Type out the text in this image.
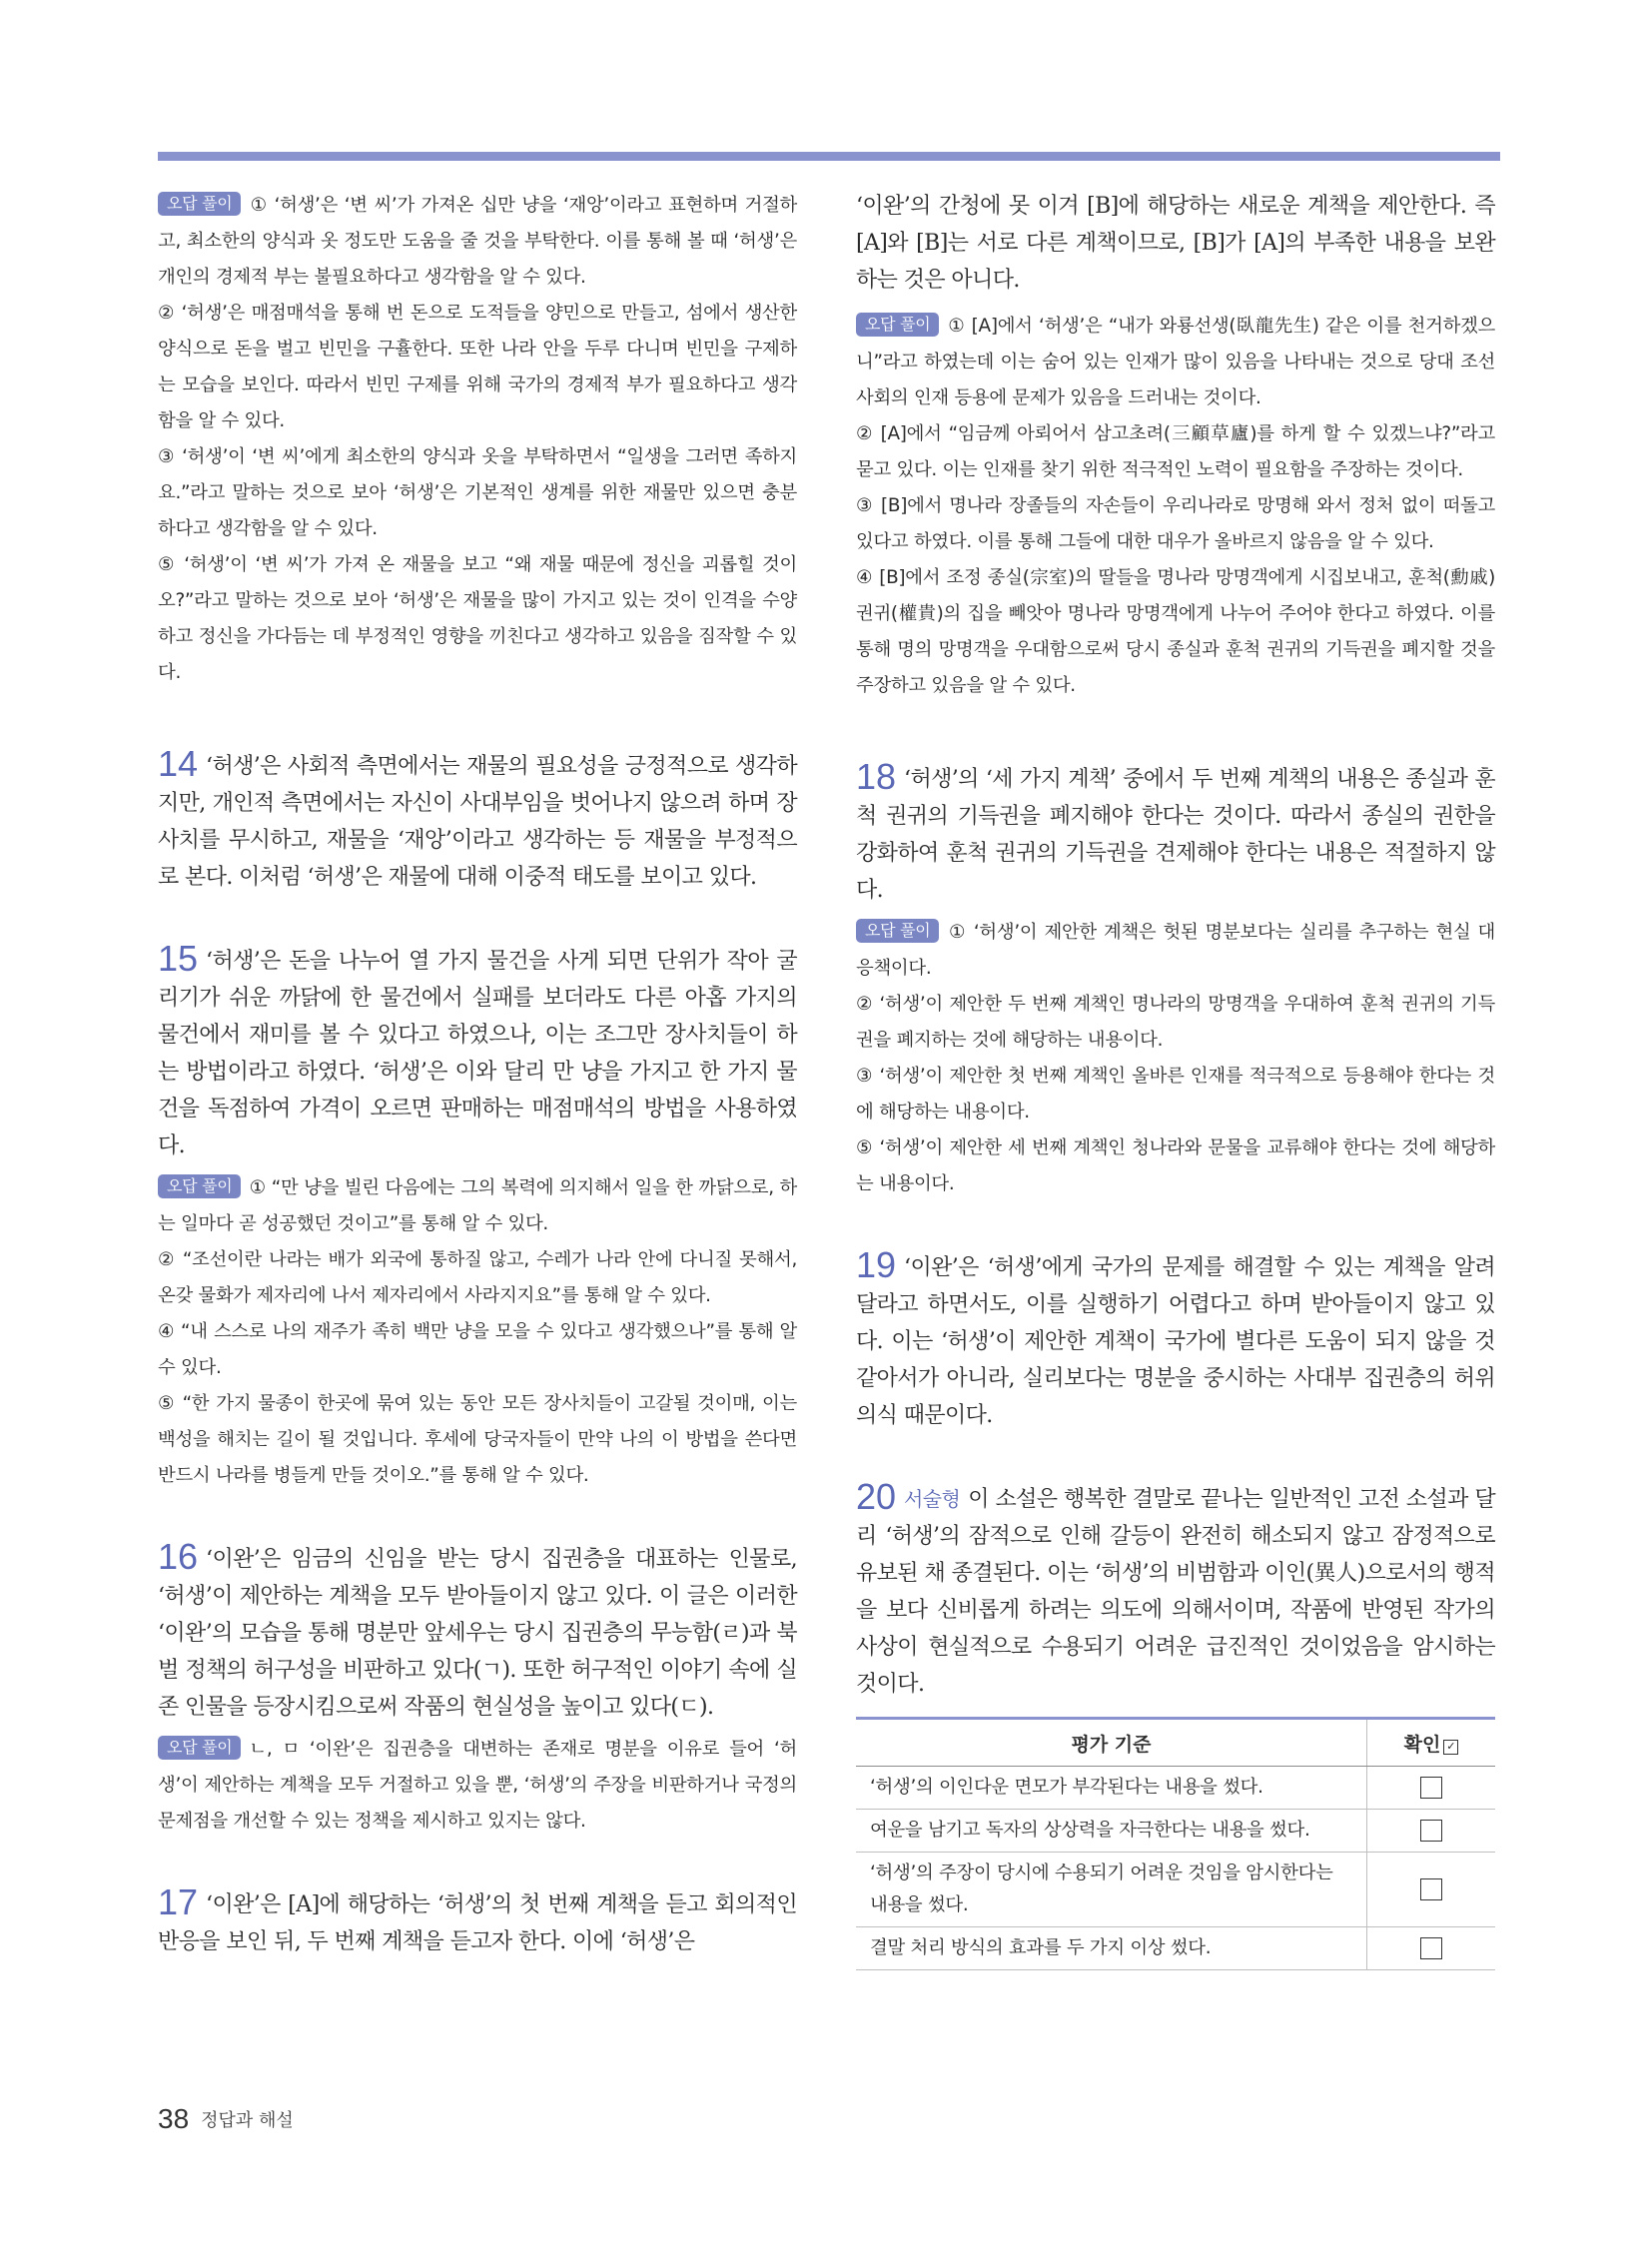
오답 풀이 ① ‘허생’은 ‘변 씨’가 가져온 십만 냥을 ‘재앙’이라고 표현하며 거절하고, 최소한의 양식과 옷 정도만 도움을 줄 것을 부탁한다. 이를 통해 볼 때 ‘허생’은 개인의 경제적 부는 불필요하다고 생각함을 알 수 있다.

② ‘허생’은 매점매석을 통해 번 돈으로 도적들을 양민으로 만들고, 섬에서 생산한 양식으로 돈을 벌고 빈민을 구휼한다. 또한 나라 안을 두루 다니며 빈민을 구제하는 모습을 보인다. 따라서 빈민 구제를 위해 국가의 경제적 부가 필요하다고 생각함을 알 수 있다.

③ ‘허생’이 ‘변 씨’에게 최소한의 양식과 옷을 부탁하면서 “일생을 그러면 족하지요.”라고 말하는 것으로 보아 ‘허생’은 기본적인 생계를 위한 재물만 있으면 충분하다고 생각함을 알 수 있다.

⑤ ‘허생’이 ‘변 씨’가 가져 온 재물을 보고 “왜 재물 때문에 정신을 괴롭힐 것이오?”라고 말하는 것으로 보아 ‘허생’은 재물을 많이 가지고 있는 것이 인격을 수양하고 정신을 가다듬는 데 부정적인 영향을 끼친다고 생각하고 있음을 짐작할 수 있다.

14 ‘허생’은 사회적 측면에서는 재물의 필요성을 긍정적으로 생각하지만, 개인적 측면에서는 자신이 사대부임을 벗어나지 않으려 하며 장사치를 무시하고, 재물을 ‘재앙’이라고 생각하는 등 재물을 부정적으로 본다. 이처럼 ‘허생’은 재물에 대해 이중적 태도를 보이고 있다.

15 ‘허생’은 돈을 나누어 열 가지 물건을 사게 되면 단위가 작아 굴리기가 쉬운 까닭에 한 물건에서 실패를 보더라도 다른 아홉 가지의 물건에서 재미를 볼 수 있다고 하였으나, 이는 조그만 장사치들이 하는 방법이라고 하였다. ‘허생’은 이와 달리 만 냥을 가지고 한 가지 물건을 독점하여 가격이 오르면 판매하는 매점매석의 방법을 사용하였다.

오답 풀이 ① “만 냥을 빌린 다음에는 그의 복력에 의지해서 일을 한 까닭으로, 하는 일마다 곧 성공했던 것이고”를 통해 알 수 있다.

② “조선이란 나라는 배가 외국에 통하질 않고, 수레가 나라 안에 다니질 못해서, 온갖 물화가 제자리에 나서 제자리에서 사라지지요”를 통해 알 수 있다.

④ “내 스스로 나의 재주가 족히 백만 냥을 모을 수 있다고 생각했으나”를 통해 알 수 있다.

⑤ “한 가지 물종이 한곳에 묶여 있는 동안 모든 장사치들이 고갈될 것이매, 이는 백성을 해치는 길이 될 것입니다. 후세에 당국자들이 만약 나의 이 방법을 쓴다면 반드시 나라를 병들게 만들 것이오.”를 통해 알 수 있다.

16 ‘이완’은 임금의 신임을 받는 당시 집권층을 대표하는 인물로, ‘허생’이 제안하는 계책을 모두 받아들이지 않고 있다. 이 글은 이러한 ‘이완’의 모습을 통해 명분만 앞세우는 당시 집권층의 무능함(ㄹ)과 북벌 정책의 허구성을 비판하고 있다(ㄱ). 또한 허구적인 이야기 속에 실존 인물을 등장시킴으로써 작품의 현실성을 높이고 있다(ㄷ).

오답 풀이 ㄴ, ㅁ ‘이완’은 집권층을 대변하는 존재로 명분을 이유로 들어 ‘허생’이 제안하는 계책을 모두 거절하고 있을 뿐, ‘허생’의 주장을 비판하거나 국정의 문제점을 개선할 수 있는 정책을 제시하고 있지는 않다.

17 ‘이완’은 [A]에 해당하는 ‘허생’의 첫 번째 계책을 듣고 회의적인 반응을 보인 뒤, 두 번째 계책을 듣고자 한다. 이에 ‘허생’은

‘이완’의 간청에 못 이겨 [B]에 해당하는 새로운 계책을 제안한다. 즉 [A]와 [B]는 서로 다른 계책이므로, [B]가 [A]의 부족한 내용을 보완하는 것은 아니다.

오답 풀이 ① [A]에서 ‘허생’은 “내가 와룡선생(臥龍先生) 같은 이를 천거하겠으니”라고 하였는데 이는 숨어 있는 인재가 많이 있음을 나타내는 것으로 당대 조선 사회의 인재 등용에 문제가 있음을 드러내는 것이다.

② [A]에서 “임금께 아뢰어서 삼고초려(三顧草廬)를 하게 할 수 있겠느냐?”라고 묻고 있다. 이는 인재를 찾기 위한 적극적인 노력이 필요함을 주장하는 것이다.

③ [B]에서 명나라 장졸들의 자손들이 우리나라로 망명해 와서 정처 없이 떠돌고 있다고 하였다. 이를 통해 그들에 대한 대우가 올바르지 않음을 알 수 있다.

④ [B]에서 조정 종실(宗室)의 딸들을 명나라 망명객에게 시집보내고, 훈척(勳戚) 권귀(權貴)의 집을 빼앗아 명나라 망명객에게 나누어 주어야 한다고 하였다. 이를 통해 명의 망명객을 우대함으로써 당시 종실과 훈척 권귀의 기득권을 폐지할 것을 주장하고 있음을 알 수 있다.

18 ‘허생’의 ‘세 가지 계책’ 중에서 두 번째 계책의 내용은 종실과 훈척 권귀의 기득권을 폐지해야 한다는 것이다. 따라서 종실의 권한을 강화하여 훈척 권귀의 기득권을 견제해야 한다는 내용은 적절하지 않다.

오답 풀이 ① ‘허생’이 제안한 계책은 헛된 명분보다는 실리를 추구하는 현실 대응책이다.

② ‘허생’이 제안한 두 번째 계책인 명나라의 망명객을 우대하여 훈척 권귀의 기득권을 폐지하는 것에 해당하는 내용이다.

③ ‘허생’이 제안한 첫 번째 계책인 올바른 인재를 적극적으로 등용해야 한다는 것에 해당하는 내용이다.

⑤ ‘허생’이 제안한 세 번째 계책인 청나라와 문물을 교류해야 한다는 것에 해당하는 내용이다.

19 ‘이완’은 ‘허생’에게 국가의 문제를 해결할 수 있는 계책을 알려 달라고 하면서도, 이를 실행하기 어렵다고 하며 받아들이지 않고 있다. 이는 ‘허생’이 제안한 계책이 국가에 별다른 도움이 되지 않을 것 같아서가 아니라, 실리보다는 명분을 중시하는 사대부 집권층의 허위의식 때문이다.

20 서술형 이 소설은 행복한 결말로 끝나는 일반적인 고전 소설과 달리 ‘허생’의 잠적으로 인해 갈등이 완전히 해소되지 않고 잠정적으로 유보된 채 종결된다. 이는 ‘허생’의 비범함과 이인(異人)으로서의 행적을 보다 신비롭게 하려는 의도에 의해서이며, 작품에 반영된 작가의 사상이 현실적으로 수용되기 어려운 급진적인 것이었음을 암시하는 것이다.

평가 기준	확인 ✓
‘허생’의 이인다운 면모가 부각된다는 내용을 썼다.	
여운을 남기고 독자의 상상력을 자극한다는 내용을 썼다.	
‘허생’의 주장이 당시에 수용되기 어려운 것임을 암시한다는 내용을 썼다.	
결말 처리 방식의 효과를 두 가지 이상 썼다.	
38 정답과 해설
